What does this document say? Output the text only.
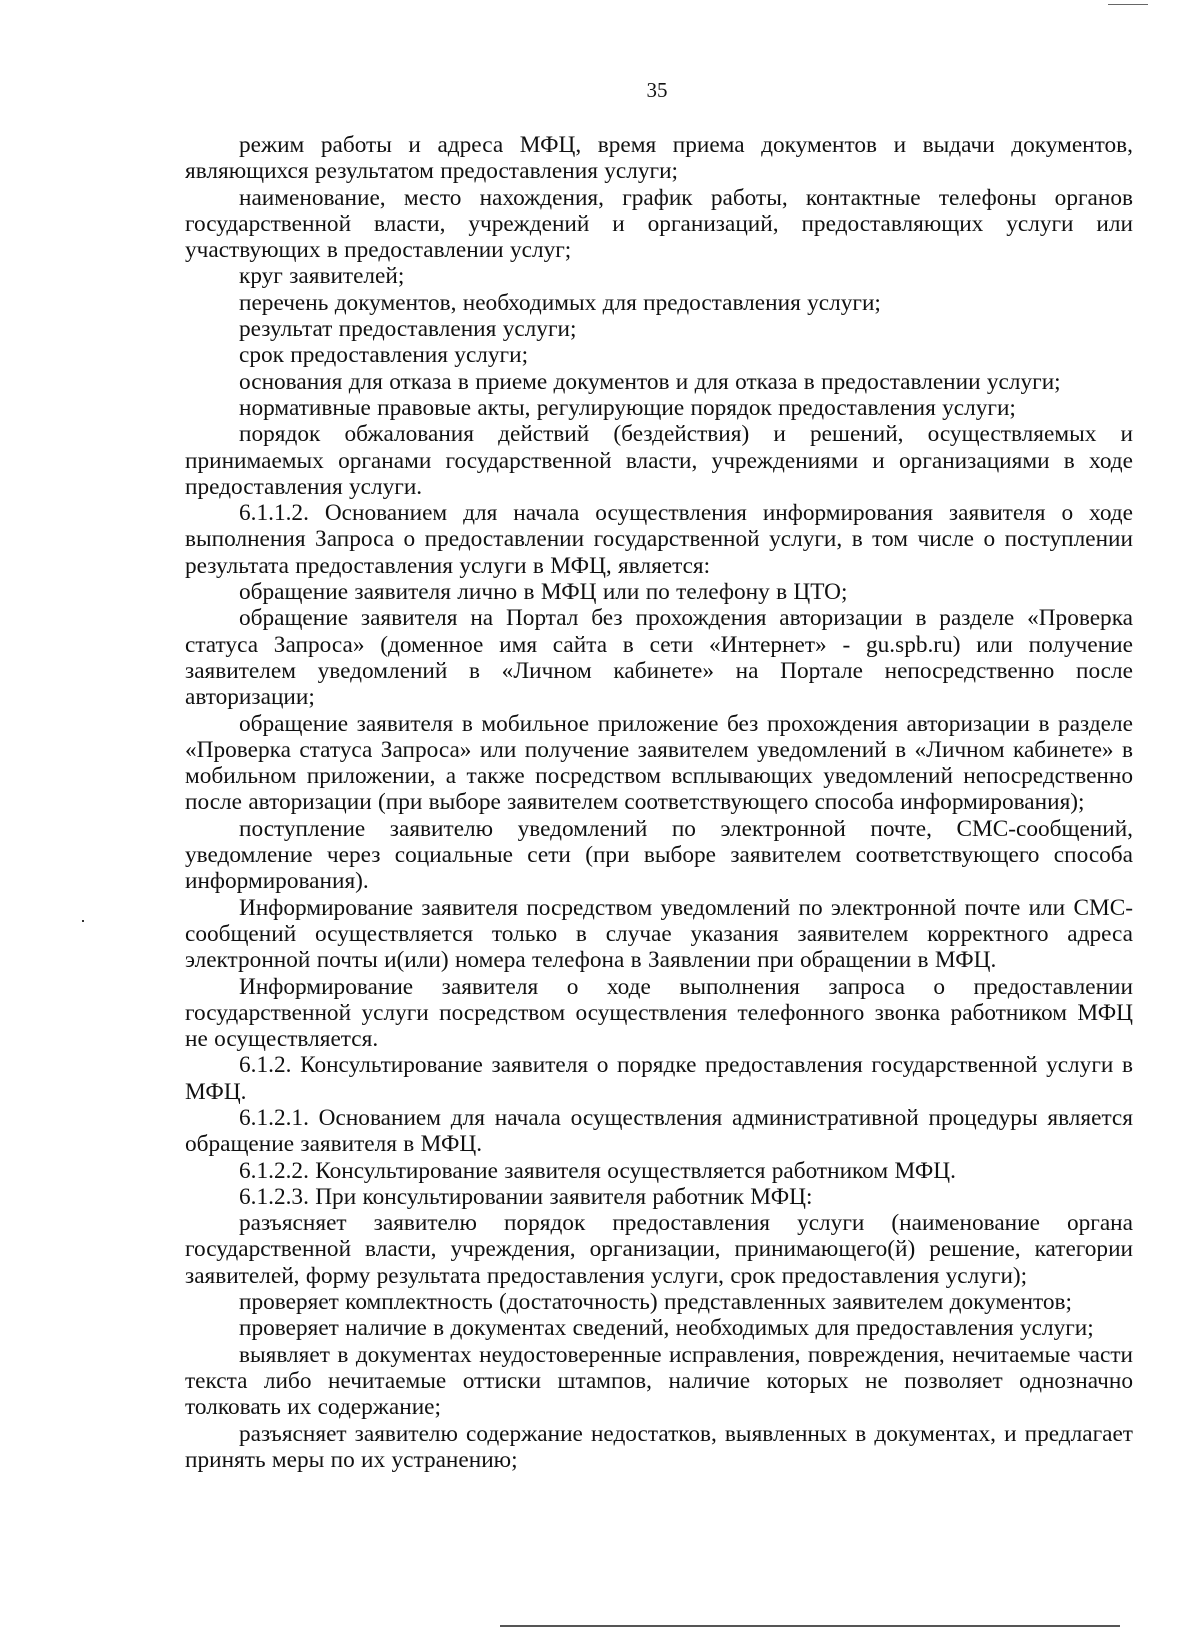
35

режим работы и адреса МФЦ, время приема документов и выдачи документов, являющихся результатом предоставления услуги;

наименование, место нахождения, график работы, контактные телефоны органов государственной власти, учреждений и организаций, предоставляющих услуги или участвующих в предоставлении услуг;

круг заявителей;

перечень документов, необходимых для предоставления услуги;

результат предоставления услуги;

срок предоставления услуги;

основания для отказа в приеме документов и для отказа в предоставлении услуги;

нормативные правовые акты, регулирующие порядок предоставления услуги;

порядок обжалования действий (бездействия) и решений, осуществляемых и принимаемых органами государственной власти, учреждениями и организациями в ходе предоставления услуги.

6.1.1.2. Основанием для начала осуществления информирования заявителя о ходе выполнения Запроса о предоставлении государственной услуги, в том числе о поступлении результата предоставления услуги в МФЦ, является:

обращение заявителя лично в МФЦ или по телефону в ЦТО;

обращение заявителя на Портал без прохождения авторизации в разделе «Проверка статуса Запроса» (доменное имя сайта в сети «Интернет» - gu.spb.ru) или получение заявителем уведомлений в «Личном кабинете» на Портале непосредственно после авторизации;

обращение заявителя в мобильное приложение без прохождения авторизации в разделе «Проверка статуса Запроса» или получение заявителем уведомлений в «Личном кабинете» в мобильном приложении, а также посредством всплывающих уведомлений непосредственно после авторизации (при выборе заявителем соответствующего способа информирования);

поступление заявителю уведомлений по электронной почте, СМС-сообщений, уведомление через социальные сети (при выборе заявителем соответствующего способа информирования).

Информирование заявителя посредством уведомлений по электронной почте или СМС-сообщений осуществляется только в случае указания заявителем корректного адреса электронной почты и(или) номера телефона в Заявлении при обращении в МФЦ.

Информирование заявителя о ходе выполнения запроса о предоставлении государственной услуги посредством осуществления телефонного звонка работником МФЦ не осуществляется.

6.1.2. Консультирование заявителя о порядке предоставления государственной услуги в МФЦ.

6.1.2.1. Основанием для начала осуществления административной процедуры является обращение заявителя в МФЦ.

6.1.2.2. Консультирование заявителя осуществляется работником МФЦ.

6.1.2.3. При консультировании заявителя работник МФЦ:

разъясняет заявителю порядок предоставления услуги (наименование органа государственной власти, учреждения, организации, принимающего(й) решение, категории заявителей, форму результата предоставления услуги, срок предоставления услуги);

проверяет комплектность (достаточность) представленных заявителем документов;

проверяет наличие в документах сведений, необходимых для предоставления услуги;

выявляет в документах неудостоверенные исправления, повреждения, нечитаемые части текста либо нечитаемые оттиски штампов, наличие которых не позволяет однозначно толковать их содержание;

разъясняет заявителю содержание недостатков, выявленных в документах, и предлагает принять меры по их устранению;
